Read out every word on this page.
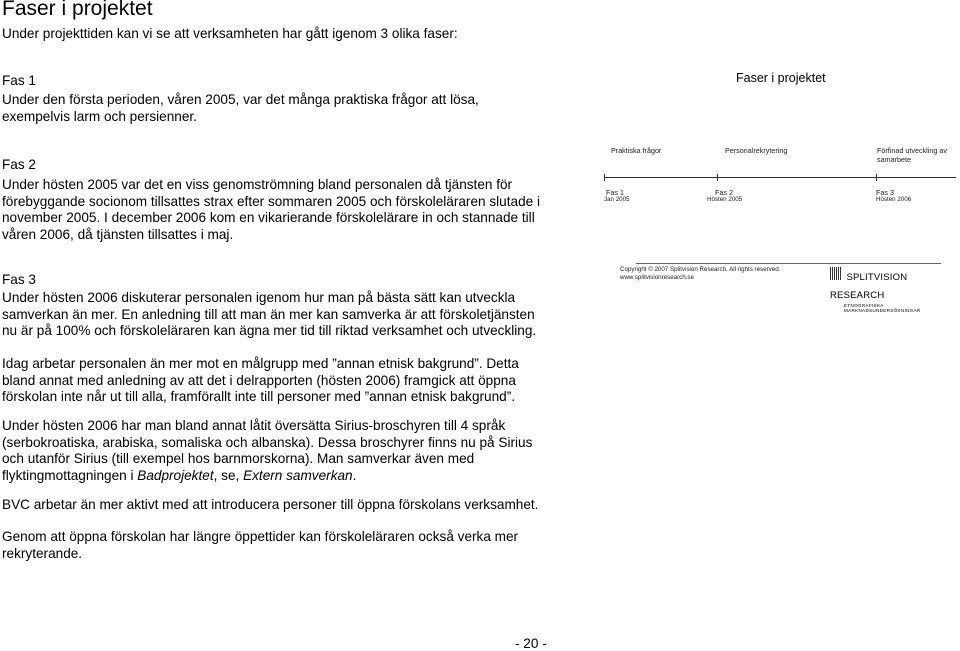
Faser i projektet
Under projekttiden kan vi se att verksamheten har gått igenom 3 olika faser:
Fas 1
Under den första perioden, våren 2005, var det många praktiska frågor att lösa, exempelvis larm och persienner.
Fas 2
Under hösten 2005 var det en viss genomströmning bland personalen då tjänsten för förebyggande socionom tillsattes strax efter sommaren 2005 och förskoleläraren slutade i november 2005. I december 2006 kom en vikarierande förskolelärare in och stannade till våren 2006, då tjänsten tillsattes i maj.
Fas 3
Under hösten 2006 diskuterar personalen igenom hur man på bästa sätt kan utveckla samverkan än mer. En anledning till att man än mer kan samverka är att förskoletjänsten nu är på 100% och förskoleläraren kan ägna mer tid till riktad verksamhet och utveckling.
Idag arbetar personalen än mer mot en målgrupp med ”annan etnisk bakgrund”. Detta bland annat med anledning av att det i delrapporten (hösten 2006) framgick att öppna förskolan inte når ut till alla, framförallt inte till personer med ”annan etnisk bakgrund”.
Under hösten 2006 har man bland annat låtit översätta Sirius-broschyren till 4 språk (serbokroatiska, arabiska, somaliska och albanska). Dessa broschyrer finns nu på Sirius och utanför Sirius (till exempel hos barnmorskorna). Man samverkar även med flyktingmottagningen i Badprojektet, se, Extern samverkan.
BVC arbetar än mer aktivt med att introducera personer till öppna förskolans verksamhet.
Genom att öppna förskolan har längre öppettider kan förskoleläraren också verka mer rekryterande.
Faser i projektet
Praktiska frågor	Personalrekrytering	Förfinad utveckling av samarbete
Fas 1
Jan 2005
Fas 2
Hösten 2005
Fas 3
Hösten 2006
Copyright © 2007 Splitvision Research. All rights reserved.
www.splitvisionresearch.se	SPLITVISION RESEARCH
ETNOGRAFISKA MARKNADSUNDERSÖKNINGAR
- 20 -
